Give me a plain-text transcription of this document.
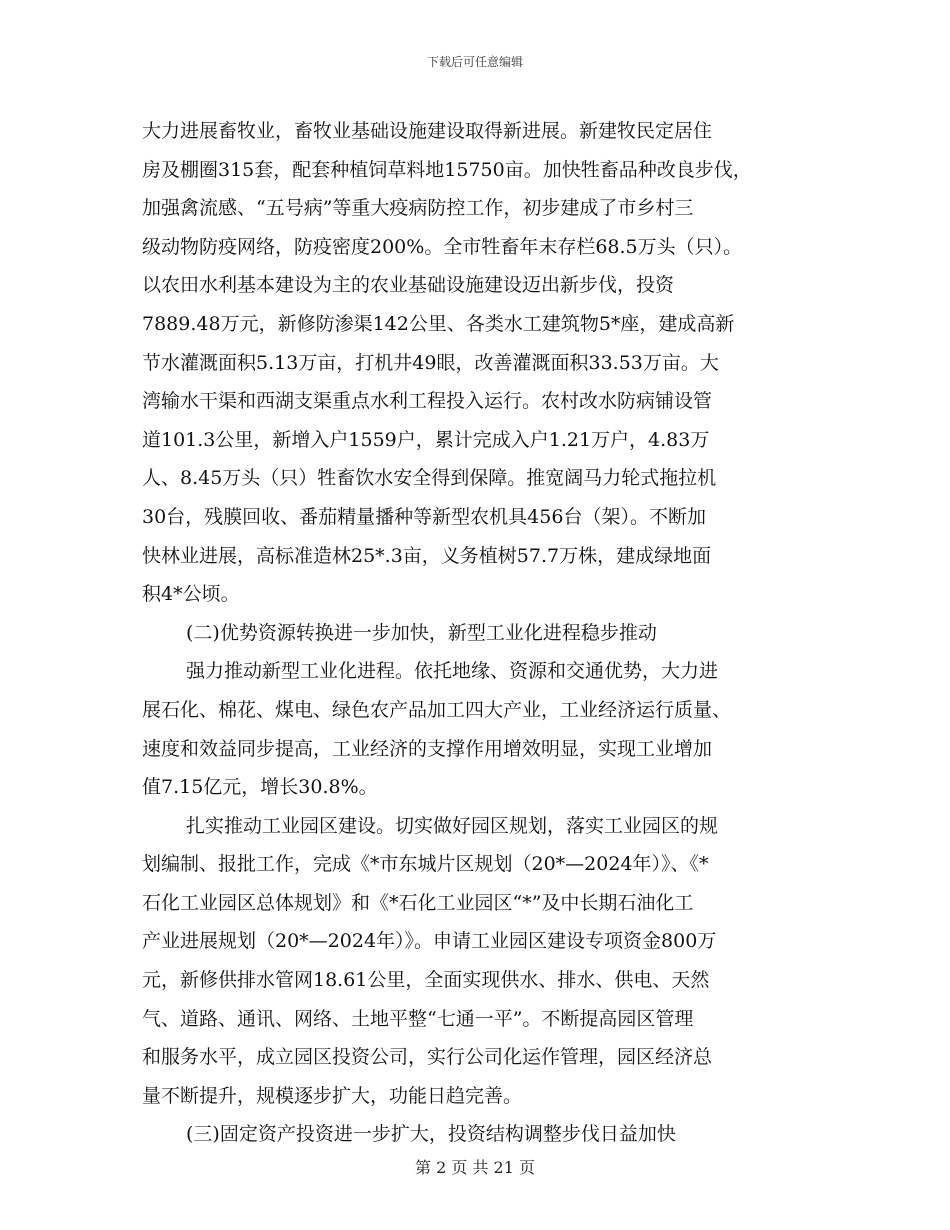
下载后可任意编辑
大力进展畜牧业，畜牧业基础设施建设取得新进展。新建牧民定居住
房及棚圈315套，配套种植饲草料地15750亩。加快牲畜品种改良步伐，
加强禽流感、“五号病”等重大疫病防控工作，初步建成了市乡村三
级动物防疫网络，防疫密度200%。全市牲畜年末存栏68.5万头（只）。
以农田水利基本建设为主的农业基础设施建设迈出新步伐，投资
7889.48万元，新修防渗渠142公里、各类水工建筑物5*座，建成高新
节水灌溉面积5.13万亩，打机井49眼，改善灌溉面积33.53万亩。大
湾输水干渠和西湖支渠重点水利工程投入运行。农村改水防病铺设管
道101.3公里，新增入户1559户，累计完成入户1.21万户，4.83万
人、8.45万头（只）牲畜饮水安全得到保障。推宽阔马力轮式拖拉机
30台，残膜回收、番茄精量播种等新型农机具456台（架）。不断加
快林业进展，高标准造林25*.3亩，义务植树57.7万株，建成绿地面
积4*公顷。
(二)优势资源转换进一步加快，新型工业化进程稳步推动
强力推动新型工业化进程。依托地缘、资源和交通优势，大力进
展石化、棉花、煤电、绿色农产品加工四大产业，工业经济运行质量、
速度和效益同步提高，工业经济的支撑作用增效明显，实现工业增加
值7.15亿元，增长30.8%。
扎实推动工业园区建设。切实做好园区规划，落实工业园区的规
划编制、报批工作，完成《*市东城片区规划（20*—2024年）》、《*
石化工业园区总体规划》和《*石化工业园区“*”及中长期石油化工
产业进展规划（20*—2024年）》。申请工业园区建设专项资金800万
元，新修供排水管网18.61公里，全面实现供水、排水、供电、天然
气、道路、通讯、网络、土地平整“七通一平”。不断提高园区管理
和服务水平，成立园区投资公司，实行公司化运作管理，园区经济总
量不断提升，规模逐步扩大，功能日趋完善。
(三)固定资产投资进一步扩大，投资结构调整步伐日益加快
第 2 页 共 21 页
